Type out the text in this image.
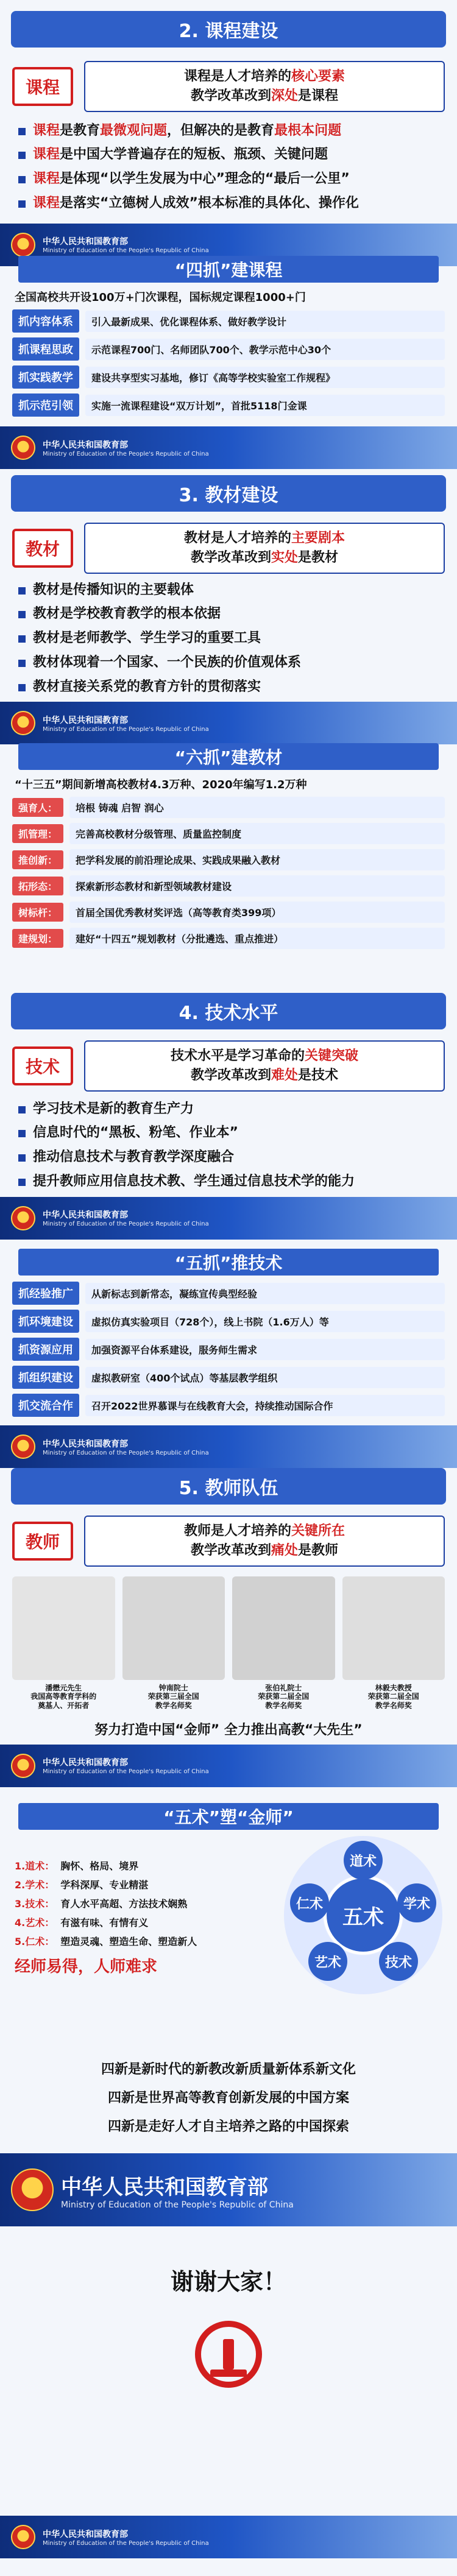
2. 课程建设
课程
课程是人才培养的核心要素
教学改革改到深处是课程
课程是教育最微观问题，但解决的是教育最根本问题
课程是中国大学普遍存在的短板、瓶颈、关键问题
课程是体现“以学生发展为中心”理念的“最后一公里”
课程是落实“立德树人成效”根本标准的具体化、操作化
中华人民共和国教育部
Ministry of Education of the People's Republic of China
“四抓”建课程
全国高校共开设100万+门次课程，国标规定课程1000+门
抓内容体系	引入最新成果、优化课程体系、做好教学设计
抓课程思政	示范课程700门、名师团队700个、教学示范中心30个
抓实践教学	建设共享型实习基地，修订《高等学校实验室工作规程》
抓示范引领	实施一流课程建设“双万计划”，首批5118门金课
中华人民共和国教育部
Ministry of Education of the People's Republic of China
3. 教材建设
教材
教材是人才培养的主要剧本
教学改革改到实处是教材
教材是传播知识的主要载体
教材是学校教育教学的根本依据
教材是老师教学、学生学习的重要工具
教材体现着一个国家、一个民族的价值观体系
教材直接关系党的教育方针的贯彻落实
中华人民共和国教育部
Ministry of Education of the People's Republic of China
“六抓”建教材
“十三五”期间新增高校教材4.3万种、2020年编写1.2万种
强育人：	培根 铸魂 启智 润心
抓管理：	完善高校教材分级管理、质量监控制度
推创新：	把学科发展的前沿理论成果、实践成果融入教材
拓形态：	探索新形态教材和新型领域教材建设
树标杆：	首届全国优秀教材奖评选（高等教育类399项）
建规划：	建好“十四五”规划教材（分批遴选、重点推进）
4. 技术水平
技术
技术水平是学习革命的关键突破
教学改革改到难处是技术
学习技术是新的教育生产力
信息时代的“黑板、粉笔、作业本”
推动信息技术与教育教学深度融合
提升教师应用信息技术教、学生通过信息技术学的能力
中华人民共和国教育部
Ministry of Education of the People's Republic of China
“五抓”推技术
抓经验推广	从新标志到新常态，凝练宣传典型经验
抓环境建设	虚拟仿真实验项目（728个），线上书院（1.6万人）等
抓资源应用	加强资源平台体系建设，服务师生需求
抓组织建设	虚拟教研室（400个试点）等基层教学组织
抓交流合作	召开2022世界慕课与在线教育大会，持续推动国际合作
中华人民共和国教育部
Ministry of Education of the People's Republic of China
5. 教师队伍
教师
教师是人才培养的关键所在
教学改革改到痛处是教师
潘懋元先生
我国高等教育学科的
奠基人、开拓者
钟南院士
荣获第三届全国
教学名师奖
张伯礼院士
荣获第二届全国
教学名师奖
林毅夫教授
荣获第二届全国
教学名师奖
努力打造中国“金师” 全力推出高教“大先生”
中华人民共和国教育部
Ministry of Education of the People's Republic of China
“五术”塑“金师”
1.道术： 胸怀、格局、境界
2.学术： 学科深厚、专业精湛
3.技术： 育人水平高超、方法技术娴熟
4.艺术： 有滋有味、有情有义
5.仁术： 塑造灵魂、塑造生命、塑造新人
经师易得，人师难求
五术
道术
学术
技术
艺术
仁术
四新是新时代的新教改新质量新体系新文化
四新是世界高等教育创新发展的中国方案
四新是走好人才自主培养之路的中国探索
中华人民共和国教育部
Ministry of Education of the People's Republic of China
谢谢大家！
中华人民共和国教育部
Ministry of Education of the People's Republic of China
